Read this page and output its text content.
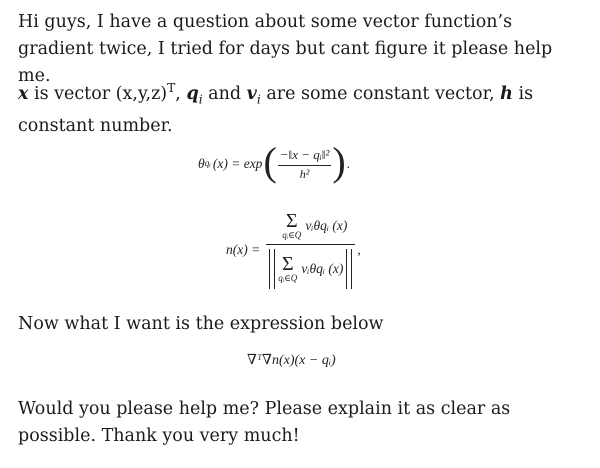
Hi guys, I have a question about some vector function’s gradient twice, I tried for days but cant figure it please help me.

x is vector $(x,y,z)^T$, $q_i$ and $v_i$ are some constant vector, h is constant number.

θ qᵢ (x) = exp ( $\frac{\text{−‖x − qᵢ‖²}}{\text{h²}}$ ) .
n(x) = Σ
qᵢ∈Q
vᵢθqᵢ (x)
Σ
qᵢ∈Q
vᵢθqᵢ (x) ,

Now what I want is the expression below

∇ᵀ∇n(x)(x − qᵢ)

Would you please help me? Please explain it as clear as possible. Thank you very much!
